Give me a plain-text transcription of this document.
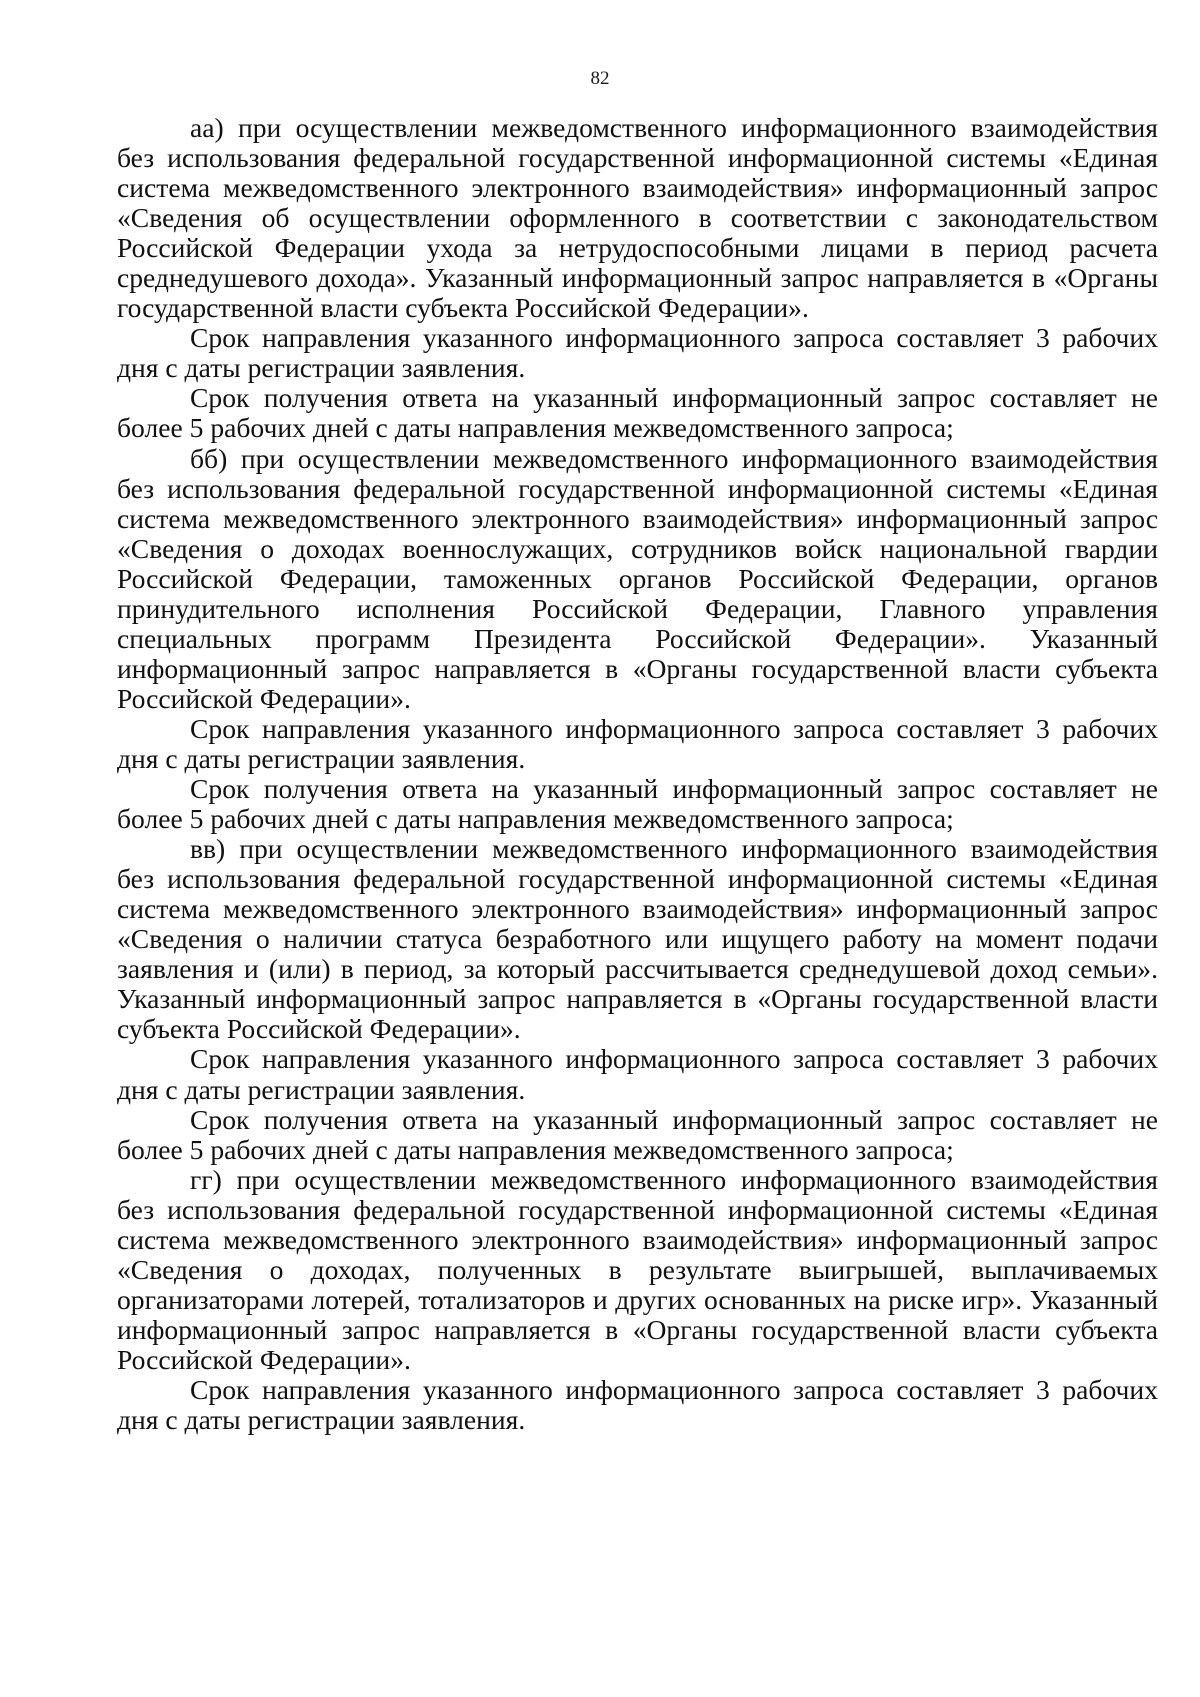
82

аа) при осуществлении межведомственного информационного взаимодействия без использования федеральной государственной информационной системы «Единая система межведомственного электронного взаимодействия» информационный запрос «Сведения об осуществлении оформленного в соответствии с законодательством Российской Федерации ухода за нетрудоспособными лицами в период расчета среднедушевого дохода». Указанный информационный запрос направляется в «Органы государственной власти субъекта Российской Федерации».

Срок направления указанного информационного запроса составляет 3 рабочих дня с даты регистрации заявления.

Срок получения ответа на указанный информационный запрос составляет не более 5 рабочих дней с даты направления межведомственного запроса;

бб) при осуществлении межведомственного информационного взаимодействия без использования федеральной государственной информационной системы «Единая система межведомственного электронного взаимодействия» информационный запрос «Сведения о доходах военнослужащих, сотрудников войск национальной гвардии Российской Федерации, таможенных органов Российской Федерации, органов принудительного исполнения Российской Федерации, Главного управления специальных программ Президента Российской Федерации». Указанный информационный запрос направляется в «Органы государственной власти субъекта Российской Федерации».

Срок направления указанного информационного запроса составляет 3 рабочих дня с даты регистрации заявления.

Срок получения ответа на указанный информационный запрос составляет не более 5 рабочих дней с даты направления межведомственного запроса;

вв) при осуществлении межведомственного информационного взаимодействия без использования федеральной государственной информационной системы «Единая система межведомственного электронного взаимодействия» информационный запрос «Сведения о наличии статуса безработного или ищущего работу на момент подачи заявления и (или) в период, за который рассчитывается среднедушевой доход семьи». Указанный информационный запрос направляется в «Органы государственной власти субъекта Российской Федерации».

Срок направления указанного информационного запроса составляет 3 рабочих дня с даты регистрации заявления.

Срок получения ответа на указанный информационный запрос составляет не более 5 рабочих дней с даты направления межведомственного запроса;

гг) при осуществлении межведомственного информационного взаимодействия без использования федеральной государственной информационной системы «Единая система межведомственного электронного взаимодействия» информационный запрос «Сведения о доходах, полученных в результате выигрышей, выплачиваемых организаторами лотерей, тотализаторов и других основанных на риске игр». Указанный информационный запрос направляется в «Органы государственной власти субъекта Российской Федерации».

Срок направления указанного информационного запроса составляет 3 рабочих дня с даты регистрации заявления.
